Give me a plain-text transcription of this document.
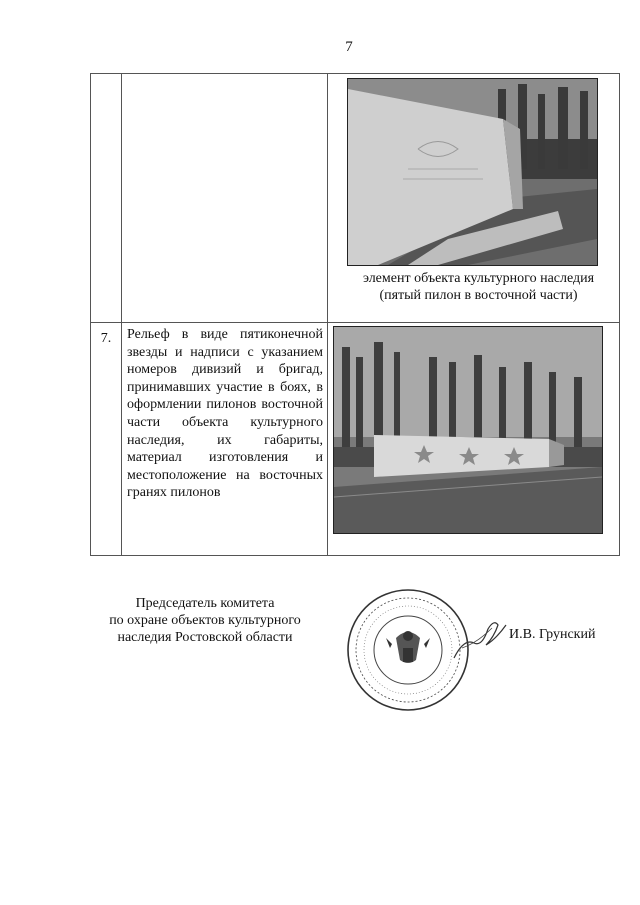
7

		элемент объекта культурного наследия
(пятый пилон в восточной части)

7.	Рельеф в виде пятиконечной звезды и надписи с указанием номеров дивизий и бригад, принимавших участие в боях, в оформлении пилонов восточной части объекта культурного наследия, их габариты, материал изготовления и местоположение на восточных гранях пилонов

Председатель комитета
по охране объектов культурного
наследия Ростовской области	И.В. Грунский
